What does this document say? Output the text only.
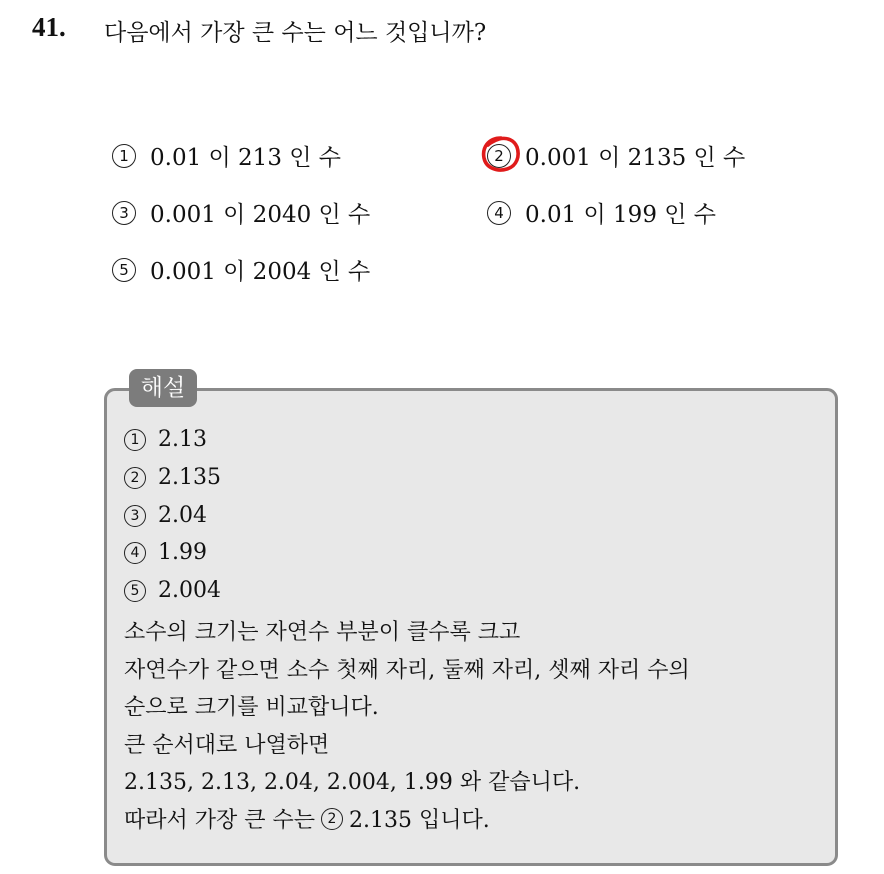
41. 다음에서 가장 큰 수는 어느 것입니까?
1 0.01 이 213 인 수	2 0.001 이 2135 인 수
3 0.001 이 2040 인 수	4 0.01 이 199 인 수
5 0.001 이 2004 인 수
해설
1 2.13
2 2.135
3 2.04
4 1.99
5 2.004
소수의 크기는 자연수 부분이 클수록 크고
자연수가 같으면 소수 첫째 자리, 둘째 자리, 셋째 자리 수의
순으로 크기를 비교합니다.
큰 순서대로 나열하면
2.135, 2.13, 2.04, 2.004, 1.99 와 같습니다.
따라서 가장 큰 수는 2 2.135 입니다.
